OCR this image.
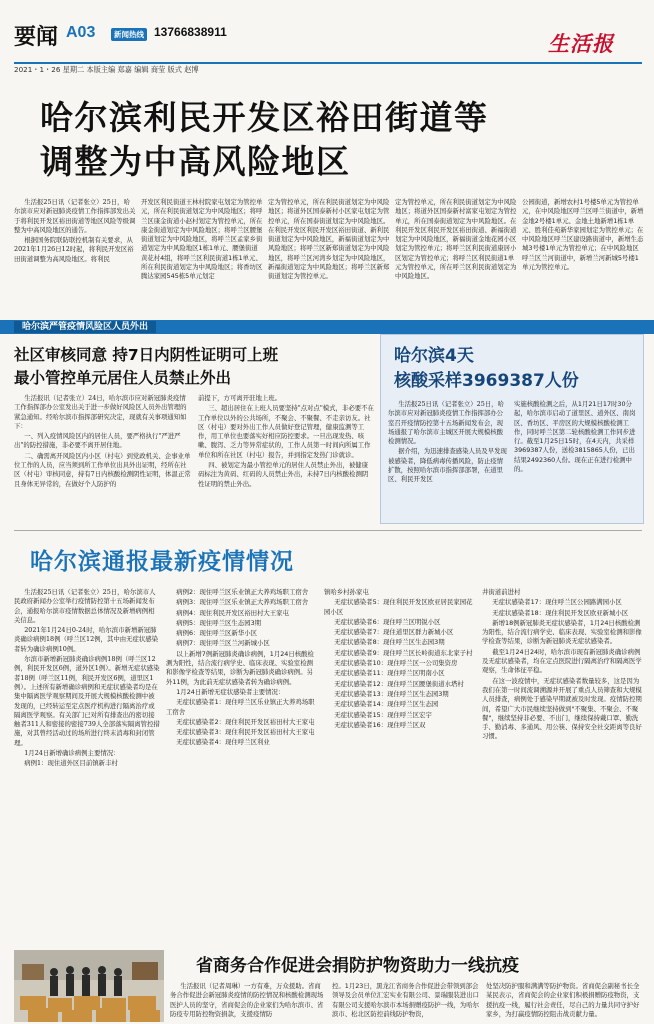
要闻 A03	新闻热线 13766838911	生活报
2021・1・26 星期二 本版主编 郑嘉 编辑 商莹 版式 赵博
哈尔滨利民开发区裕田街道等
调整为中高风险地区

生活报25日讯（记者张立）25日，哈尔滨市应对新冠肺炎疫情工作指挥部发出关于将利民开发区裕田街道等地区风险等级调整为中高风险地区的通告。

根据国务院联防联控机制有关要求，从2021年1月26日12时起，将利民开发区裕田街道调整为高风险地区。将利民

开发区利民街道王林村院家屯划定为管控单元，所在利民街道划定为中风险地区；将呼兰区康金街道小赵村划定为管控单元，所在康金街道划定为中风险地区；将呼兰区腰堡街道划定为中风险地区，将呼兰区孟家乡街道划定为中风险地区1栋1单元、腰堡街道黄花村4组，将呼兰区利民街道1栋1单元、所在利民街道划定为中风险地区；将香坊区腾达家园545栋5单元划定

定为管控单元，所在利民街道划定为中风险地区；将道外区国泰新村小区家屯划定为管控单元，所在国泰街道划定为中风险地区。在利民开发区利民开发区裕田街道、新利民街道划定为中风险地区，新福街道划定为中风险地区；将呼兰区新郑街道划定为中风险地区，将呼兰区河湾乡划定为中风险地区，新福街道划定为中风险地区；将呼兰区新郑街道划定为管控单元。

定为管控单元，所在利民街道划定为中风险地区；将道外区国泰新村富家屯划定为管控单元，所在国泰街道划定为中风险地区。在利民开发区利民开发区裕田街道、新福街道划定为中风险地区，新福街道金地花园小区划定为管控单元；将呼兰区利民街道康居小区划定为管控单元；将呼兰区利民街道1单元为管控单元，所在呼兰区利民街道划定为中风险地区。

公园街道，新增农村1号楼5单元为管控单元，在中风险地区呼兰区呼兰街道中，新增金地2号楼1单元、金地土地新增1栋1单元、胜利佳苑新华家园划定为管控单元；在中风险地区呼兰区建设路街道中，新增生态城3号楼1单元为管控单元；在中风险地区呼兰区兰河街道中，新增兰河新城5号楼1单元为管控单元。

哈尔滨严管疫情风险区人员外出
社区审核同意 持7日内阴性证明可上班
最小管控单元居住人员禁止外出

生活报讯（记者张立）24日，哈尔滨市应对新冠肺炎疫情工作指挥部办公室发出关于进一步做好风险区人员外出管理的紧急通知。经哈尔滨市指挥部研究决定，现就有关事项通知如下：

一、列入疫情风险区内的居住人员，要严格执行"严进严出"的防控措施，非必要不离开居住地。

二、确需离开风险区内小区（村屯）到党政机关、企事业单位工作的人员，应当须到所工作单位出具外出证明，经所在社区（村屯）审核同意，持有7日内核酸检测阴性证明，体温正常且身体无异常的，在做好个人防护的

前提下，方可离开驻地上班。

三、超出居住在上班人员要坚持"点对点"模式，非必要不在工作单位以外的公共场所，不聚会、不聚餐、不走亲访友。社区（村屯）要对外出工作人员做好登记管理，健康监测等工作，用工单位也要落实好相应防控要求。一旦出现发热、咳嗽、腹泻、乏力等异常症状的，工作人员第一时间向所属工作单位和所在社区（村屯）报告，并到指定发热门诊就诊。

四、被划定为最小管控单元的居住人员禁止外出，被健康码标注为黄码、红码的人员禁止外出，未持7日内核酸检测阴性证明的禁止外出。

哈尔滨4天
核酸采样3969387人份

生活报25日讯（记者张立）25日，哈尔滨市应对新冠肺炎疫情工作指挥部办公室召开疫情防控第十五场新闻发布会，现场通报了哈尔滨市主城区开展大规模核酸检测情况。

据介绍，为迅速排查感染人员及早发现被感染者，降低病毒传播风险，防止疫情扩散，按照哈尔滨市指挥部部署，在道里区、利民开发区

实施核酸检测之后，从1月21日17时30分起，哈尔滨市启动了道里区、道外区、南岗区、香坊区、平房区的大规模核酸检测工作，同时呼兰区第二轮核酸检测工作同步进行。截至1月25日15时，在4天内，共采样3969387人份，送检3815865人份，已出结果2492360人份。现在正在进行检测中的。

哈尔滨通报最新疫情情况

生活报25日讯（记者张立）25日，哈尔滨市人民政府新闻办公室举行疫情防控第十五场新闻发布会，通报哈尔滨市疫情数据总体情况及新增病例相关信息。

2021年1月24日0-24时，哈尔滨市新增新冠肺炎确诊病例18例（呼兰区12例，其中由无症状感染者转为确诊病例10例。

尔滨市新增新冠肺炎确诊病例18例（呼兰区12例，利民开发区6例，道外区1例）。新增无症状感染者18例（呼兰区11例，利民开发区6例，道里区1例）。上述所有新增确诊病例和无症状感染者均是在集中隔离医学观察期间及开展大规模核酸检测中被发现的，已经转运至定点医疗机构进行隔离治疗或隔离医学观察。有关部门已对所有排查出的密切接触者311人和密接的密接739人全部落实隔离管控措施，对其曾经活动过的场所进行终末消毒和封闭管理。

1月24日新增确诊病例主要情况：

病例1：现住道外区目前镇新丰村

病例2：现住呼兰区乐业镇正大养鸡场职工宿舍

病例3：现住呼兰区乐业镇正大养鸡场职工宿舍

病例4：现住利民开发区裕田村大王家屯

病例5：现住呼兰区生态园3期

病例6：现住呼兰区新华小区

病例7：现住呼兰区兰河新城小区

以上新增7例新冠肺炎确诊病例，1月24日核酸检测为阳性，结合流行病学史、临床表现、实验室检测和影像学检查等结果，诊断为新冠肺炎确诊病例。另外11例，为此前无症状感染者转为确诊病例。

1月24日新增无症状感染者主要情况：

无症状感染者1：现住呼兰区乐业镇正大养鸡场职工宿舍

无症状感染者2：现住利民开发区裕田村大王家屯

无症状感染者3：现住利民开发区裕田村大王家屯

无症状感染者4：现住呼兰区利业

镇哈乡村孙家屯

无症状感染者5：现住利民开发区欧亚居民家园花园小区

无症状感染者6：现住呼兰区明锐小区

无症状感染者7：现住道里区群力新城小区

无症状感染者8：现住呼兰区生态园3期

无症状感染者9：现住呼兰区长岭街道东北家子村

无症状感染者10：现住呼兰区一公司集资房

无症状感染者11：现住呼兰区明南小区

无症状感染者12：现住呼兰区腰堡街道水塔村

无症状感染者13：现住呼兰区生态园3期

无症状感染者14：现住呼兰区生态园

无症状感染者15：现住呼兰区宏宇

无症状感染者16：现住呼兰区双

井街道前进村

无症状感染者17：现住呼兰区公园路满园小区

无症状感染者18：现住利民开发区欧亚新城小区

新增18例新冠肺炎无症状感染者，1月24日核酸检测为阳性，结合流行病学史、临床表现、实验室检测和影像学检查等结果，诊断为新冠肺炎无症状感染者。

截至1月24日24时，哈尔滨市现有新冠肺炎确诊病例及无症状感染者，均在定点医院进行隔离治疗和隔离医学观察，生命体征平稳。

在这一波疫情中，无症状感染者数量较多，这是因为我们在第一时间流调溯源并开展了重点人员筛查和大规模人员排查，病例处于感染早期就被及时发现。疫情防控期间，希望广大市民继续坚持做到"不聚集、不聚会、不聚餐"，继续坚持非必要、不出门，继续保持戴口罩、勤洗手、勤消毒、多通风、用公筷、保持安全社交距离等良好习惯。

省商务合作促进会捐防护物资助力一线抗疫

生活报讯（记者周琳）一方有难，万众援助。省商务合作促进会新冠肺炎疫情的防控情况和核酸检测现场医护人员的坚守，省商促会的企业家们为哈尔滨市、省防疫专用防控物资捐款，支援疫情防

控。1月23日，黑龙江省商务合作促进会带领到部会领导及会员单位汇宏实业有限公司、景瑞服装进出口有限公司支援哈尔滨市本场捐赠疫防护一线，为哈尔滨市、松北区防控前线防护物资，

处坚决防护服和满满等防护物资。省商促会副秘书长全某民表示，省商促会的企业家们积极捐赠防疫物资，支援抗疫一线，履行社会责任，尽自己的力量共同守护好家乡，为打赢疫情防控阻击战贡献力量。
